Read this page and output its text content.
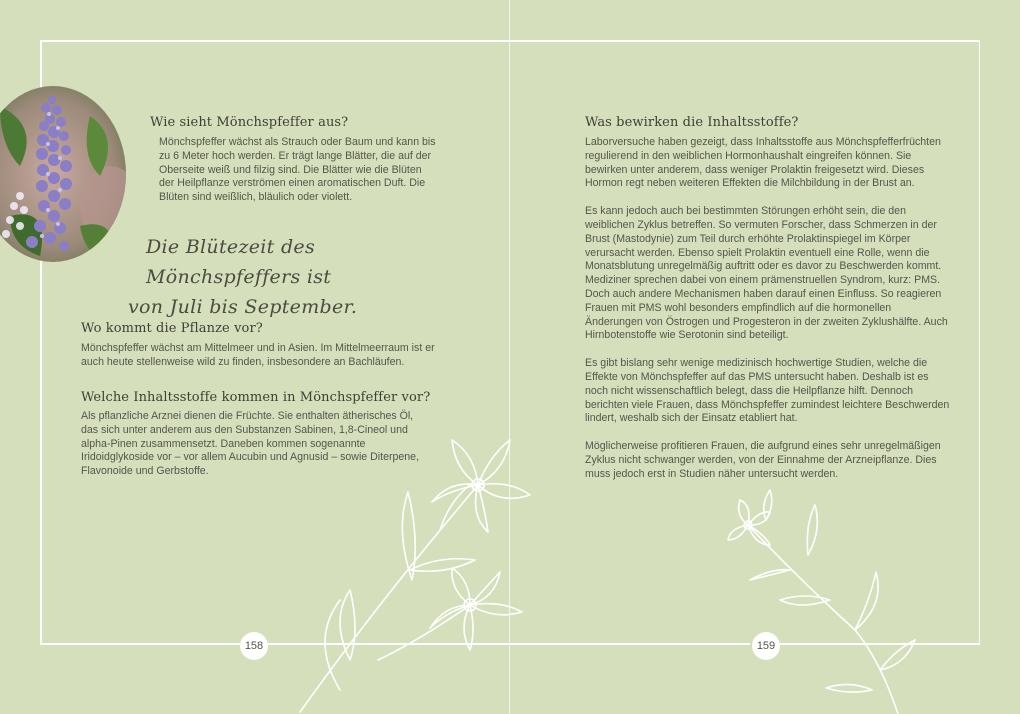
Wie sieht Mönchspfeffer aus?
Mönchspfeffer wächst als Strauch oder Baum und kann bis zu 6 Meter hoch werden. Er trägt lange Blätter, die auf der Oberseite weiß und filzig sind. Die Blätter wie die Blüten der Heilpflanze verströmen einen aromatischen Duft. Die Blüten sind weißlich, bläulich oder violett.
Die Blütezeit des Mönchspfeffers ist
von Juli bis September.
Wo kommt die Pflanze vor?
Mönchspfeffer wächst am Mittelmeer und in Asien. Im Mittelmeerraum ist er auch heute stellenweise wild zu finden, insbesondere an Bachläufen.
Welche Inhaltsstoffe kommen in Mönchspfeffer vor?
Als pflanzliche Arznei dienen die Früchte. Sie enthalten ätherisches Öl, das sich unter anderem aus den Substanzen Sabinen, 1,8-Cineol und alpha-Pinen zusammensetzt. Daneben kommen sogenannte Iridoidglykoside vor – vor allem Aucubin und Agnusid – sowie Diterpene, Flavonoide und Gerbstoffe.
158
Was bewirken die Inhaltsstoffe?

Laborversuche haben gezeigt, dass Inhaltsstoffe aus Mönchspfefferfrüchten regulierend in den weiblichen Hormonhaushalt eingreifen können. Sie bewirken unter anderem, dass weniger Prolaktin freigesetzt wird. Dieses Hormon regt neben weiteren Effekten die Milchbildung in der Brust an.

Es kann jedoch auch bei bestimmten Störungen erhöht sein, die den weiblichen Zyklus betreffen. So vermuten Forscher, dass Schmerzen in der Brust (Mastodynie) zum Teil durch erhöhte Prolaktinspiegel im Körper verursacht werden. Ebenso spielt Prolaktin eventuell eine Rolle, wenn die Monatsblutung unregelmäßig auftritt oder es davor zu Beschwerden kommt. Mediziner sprechen dabei von einem prämenstruellen Syndrom, kurz: PMS. Doch auch andere Mechanismen haben darauf einen Einfluss. So reagieren Frauen mit PMS wohl besonders empfindlich auf die hormonellen Änderungen von Östrogen und Progesteron in der zweiten Zyklushälfte. Auch Hirnbotenstoffe wie Serotonin sind beteiligt.

Es gibt bislang sehr wenige medizinisch hochwertige Studien, welche die Effekte von Mönchspfeffer auf das PMS untersucht haben. Deshalb ist es noch nicht wissenschaftlich belegt, dass die Heilpflanze hilft. Dennoch berichten viele Frauen, dass Mönchspfeffer zumindest leichtere Beschwerden lindert, weshalb sich der Einsatz etabliert hat.

Möglicherweise profitieren Frauen, die aufgrund eines sehr unregelmäßigen Zyklus nicht schwanger werden, von der Einnahme der Arzneipflanze. Dies muss jedoch erst in Studien näher untersucht werden.

159
